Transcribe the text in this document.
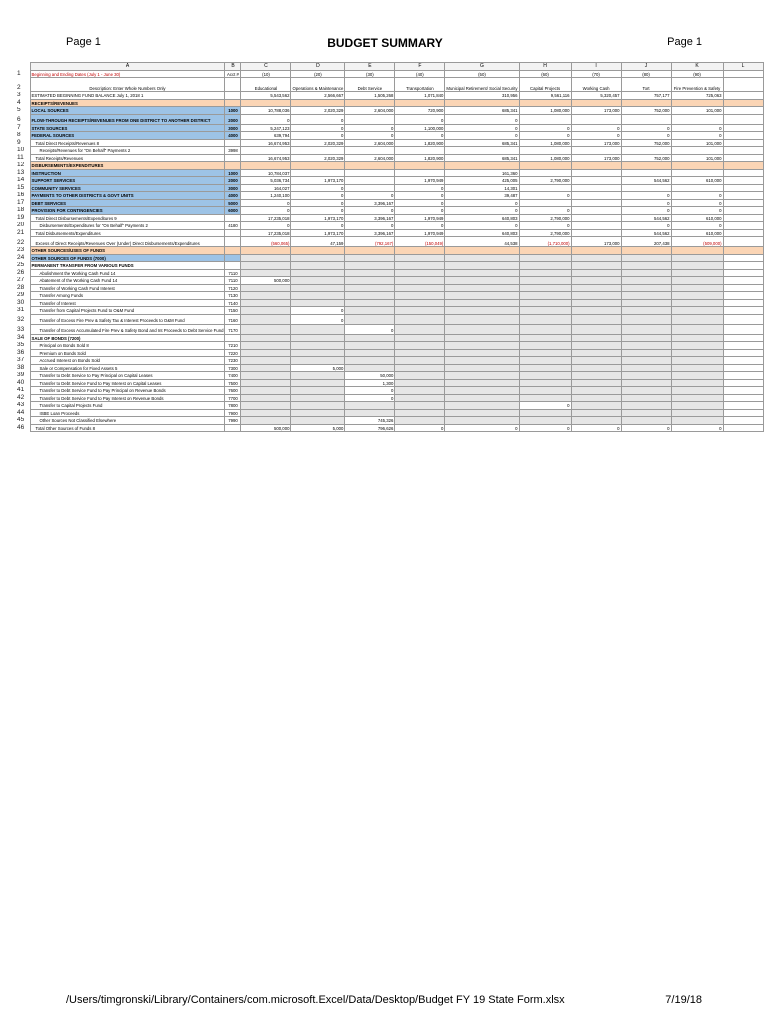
Page 1	BUDGET SUMMARY	Page 1
	A	B	C	D	E	F	G	H	I	J	K	L
1	Beginning and Ending Dates (July 1 - June 30)	Acct #	(10)	(20)	(30)	(40)	(50)	(60)	(70)	(80)	(90)	
2	Description: Enter Whole Numbers Only		Educational	Operations & Maintenance	Debt Service	Transportation	Municipal Retirement/ Social Security	Capital Projects	Working Cash	Tort	Fire Prevention & Safety	
3	ESTIMATED BEGINNING FUND BALANCE July 1, 2018 1		5,543,562	2,566,667	1,505,268	1,071,840	310,956	9,561,116	5,320,457	757,177	725,063	
4	RECEIPTS/REVENUES											
5	LOCAL SOURCES	1000	10,788,036	2,020,329	2,604,000	720,900	685,341	1,080,000	173,000	752,000	101,000	
6	FLOW-THROUGH RECEIPTS/REVENUES FROM ONE DISTRICT TO ANOTHER DISTRICT	2000	0	0		0	0					
7	STATE SOURCES	3000	5,247,123	0	0	1,100,000	0	0	0	0	0	
8	FEDERAL SOURCES	4000	639,794	0	0	0	0	0	0	0	0	
9	Total Direct Receipts/Revenues 8		16,674,953	2,020,329	2,604,000	1,820,900	685,341	1,080,000	173,000	752,000	101,000	
10	Receipts/Revenues for "On Behalf" Payments 2	3998										
11	Total Receipts/Revenues		16,674,953	2,020,329	2,604,000	1,820,900	685,341	1,080,000	173,000	752,000	101,000	
12	DISBURSEMENTS/EXPENDITURES											
13	INSTRUCTION	1000	10,784,037				161,360					
14	SUPPORT SERVICES	2000	5,036,734	1,973,170		1,970,949	425,005	2,790,000		544,562	610,000	
15	COMMUNITY SERVICES	3000	164,027	0		0	14,301					
16	PAYMENTS TO OTHER DISTRICTS & GOVT UNITS	4000	1,240,100	0	0	0	39,487	0		0	0	
17	DEBT SERVICES	5000	0	0	3,396,167	0	0			0	0	
18	PROVISION FOR CONTINGENCIES	6000	0	0	0	0	0	0		0	0	
19	Total Direct Disbursements/Expenditures 9		17,235,018	1,973,170	3,396,167	1,970,949	640,803	2,790,000		544,562	610,000	
20	Disbursements/Expenditures for "On Behalf" Payments 2	4180	0	0	0	0	0	0		0	0	
21	Total Disbursements/Expenditures		17,235,018	1,973,170	3,396,167	1,970,949	640,803	2,790,000		544,562	610,000	
22	Excess of Direct Receipts/Revenues Over (Under) Direct Disbursements/Expenditures		(560,065)	47,159	(792,167)	(150,049)	44,538	(1,710,000)	173,000	207,438	(509,000)	
23	OTHER SOURCES/USES OF FUNDS											
24	OTHER SOURCES OF FUNDS (7000)											
25	PERMANENT TRANSFER FROM VARIOUS FUNDS											
26	Abolishment the Working Cash Fund 14	7110										
27	Abatement of the Working Cash Fund 14	7110	500,000									
28	Transfer of Working Cash Fund Interest	7120										
29	Transfer Among Funds	7130										
30	Transfer of Interest	7140										
31	Transfer from Capital Projects Fund to O&M Fund	7150		0								
32	Transfer of Excess Fire Prev & Safety Tax & Interest Proceeds to O&M Fund	7160		0								
33	Transfer of Excess Accumulated Fire Prev & Safety Bond and Int Proceeds to Debt Service Fund	7170			0							
34	SALE OF BONDS (7200)											
35	Principal on Bonds Sold 8	7210										
36	Premium on Bonds Sold	7220										
37	Accrued Interest on Bonds Sold	7230										
38	Sale or Compensation for Fixed Assets 5	7300		5,000								
39	Transfer to Debt Service to Pay Principal on Capital Leases	7400			50,000							
40	Transfer to Debt Service Fund to Pay Interest on Capital Leases	7500			1,300							
41	Transfer to Debt Service Fund to Pay Principal on Revenue Bonds	7600			0							
42	Transfer to Debt Service Fund to Pay Interest on Revenue Bonds	7700			0							
43	Transfer to Capital Projects Fund	7800						0				
44	ISBE Loan Proceeds	7900										
45	Other Sources Not Classified Elsewhere	7990			745,326							
46	Total Other Sources of Funds 8		500,000	5,000	796,626	0	0	0	0	0	0	
/Users/timgronski/Library/Containers/com.microsoft.Excel/Data/Desktop/Budget FY 19 State Form.xlsx	7/19/18
